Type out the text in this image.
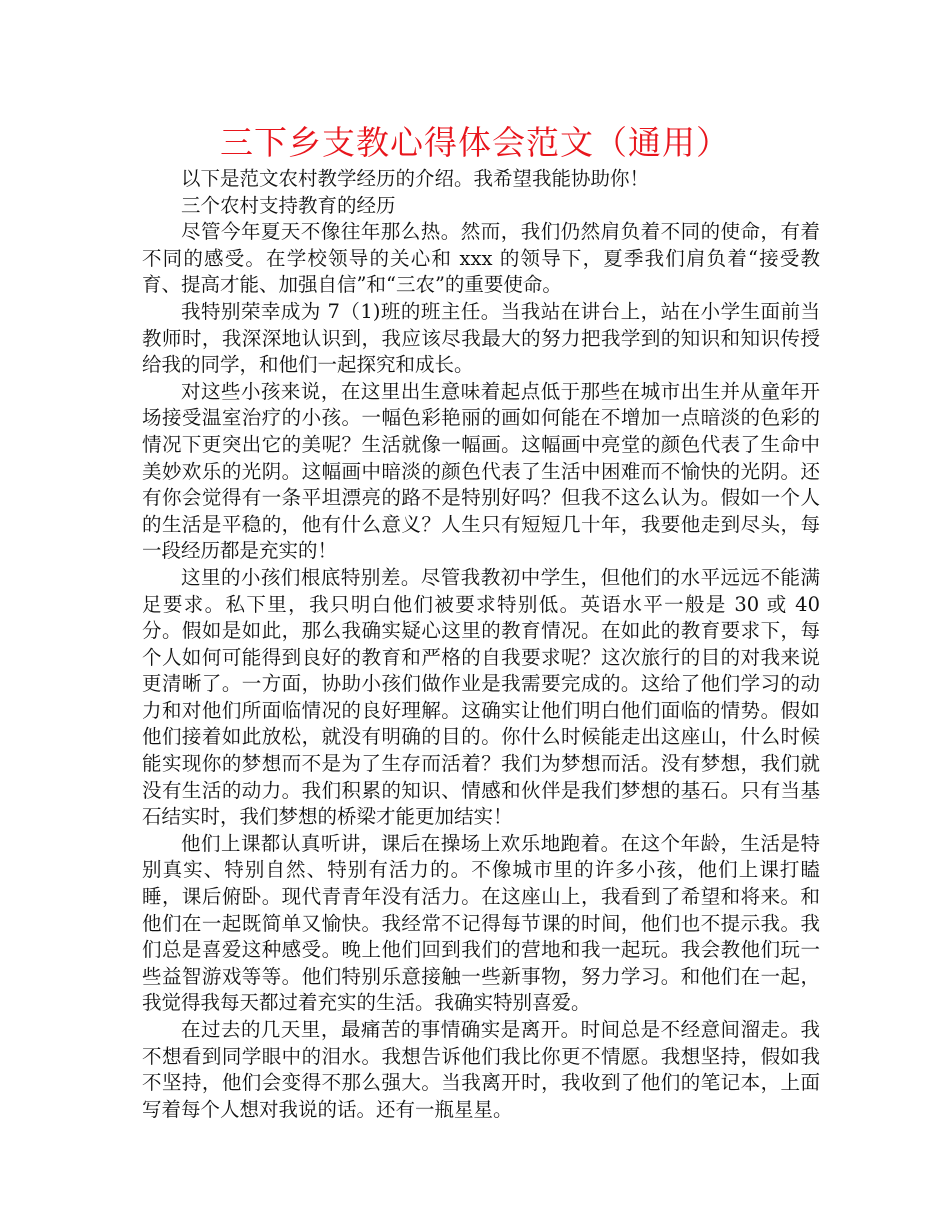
三下乡支教心得体会范文（通用）

以下是范文农村教学经历的介绍。我希望我能协助你！

三个农村支持教育的经历

尽管今年夏天不像往年那么热。然而，我们仍然肩负着不同的使命，有着不同的感受。在学校领导的关心和 xxx 的领导下，夏季我们肩负着“接受教育、提高才能、加强自信”和“三农”的重要使命。

我特别荣幸成为 7（1)班的班主任。当我站在讲台上，站在小学生面前当教师时，我深深地认识到，我应该尽我最大的努力把我学到的知识和知识传授给我的同学，和他们一起探究和成长。

对这些小孩来说，在这里出生意味着起点低于那些在城市出生并从童年开场接受温室治疗的小孩。一幅色彩艳丽的画如何能在不增加一点暗淡的色彩的情况下更突出它的美呢？生活就像一幅画。这幅画中亮堂的颜色代表了生命中美妙欢乐的光阴。这幅画中暗淡的颜色代表了生活中困难而不愉快的光阴。还有你会觉得有一条平坦漂亮的路不是特别好吗？但我不这么认为。假如一个人的生活是平稳的，他有什么意义？人生只有短短几十年，我要他走到尽头，每一段经历都是充实的！

这里的小孩们根底特别差。尽管我教初中学生，但他们的水平远远不能满足要求。私下里，我只明白他们被要求特别低。英语水平一般是 30 或 40 分。假如是如此，那么我确实疑心这里的教育情况。在如此的教育要求下，每个人如何可能得到良好的教育和严格的自我要求呢？这次旅行的目的对我来说更清晰了。一方面，协助小孩们做作业是我需要完成的。这给了他们学习的动力和对他们所面临情况的良好理解。这确实让他们明白他们面临的情势。假如他们接着如此放松，就没有明确的目的。你什么时候能走出这座山，什么时候能实现你的梦想而不是为了生存而活着？我们为梦想而活。没有梦想，我们就没有生活的动力。我们积累的知识、情感和伙伴是我们梦想的基石。只有当基石结实时，我们梦想的桥梁才能更加结实！

他们上课都认真听讲，课后在操场上欢乐地跑着。在这个年龄，生活是特别真实、特别自然、特别有活力的。不像城市里的许多小孩，他们上课打瞌睡，课后俯卧。现代青青年没有活力。在这座山上，我看到了希望和将来。和他们在一起既简单又愉快。我经常不记得每节课的时间，他们也不提示我。我们总是喜爱这种感受。晚上他们回到我们的营地和我一起玩。我会教他们玩一些益智游戏等等。他们特别乐意接触一些新事物，努力学习。和他们在一起，我觉得我每天都过着充实的生活。我确实特别喜爱。

在过去的几天里，最痛苦的事情确实是离开。时间总是不经意间溜走。我不想看到同学眼中的泪水。我想告诉他们我比你更不情愿。我想坚持，假如我不坚持，他们会变得不那么强大。当我离开时，我收到了他们的笔记本，上面写着每个人想对我说的话。还有一瓶星星。
